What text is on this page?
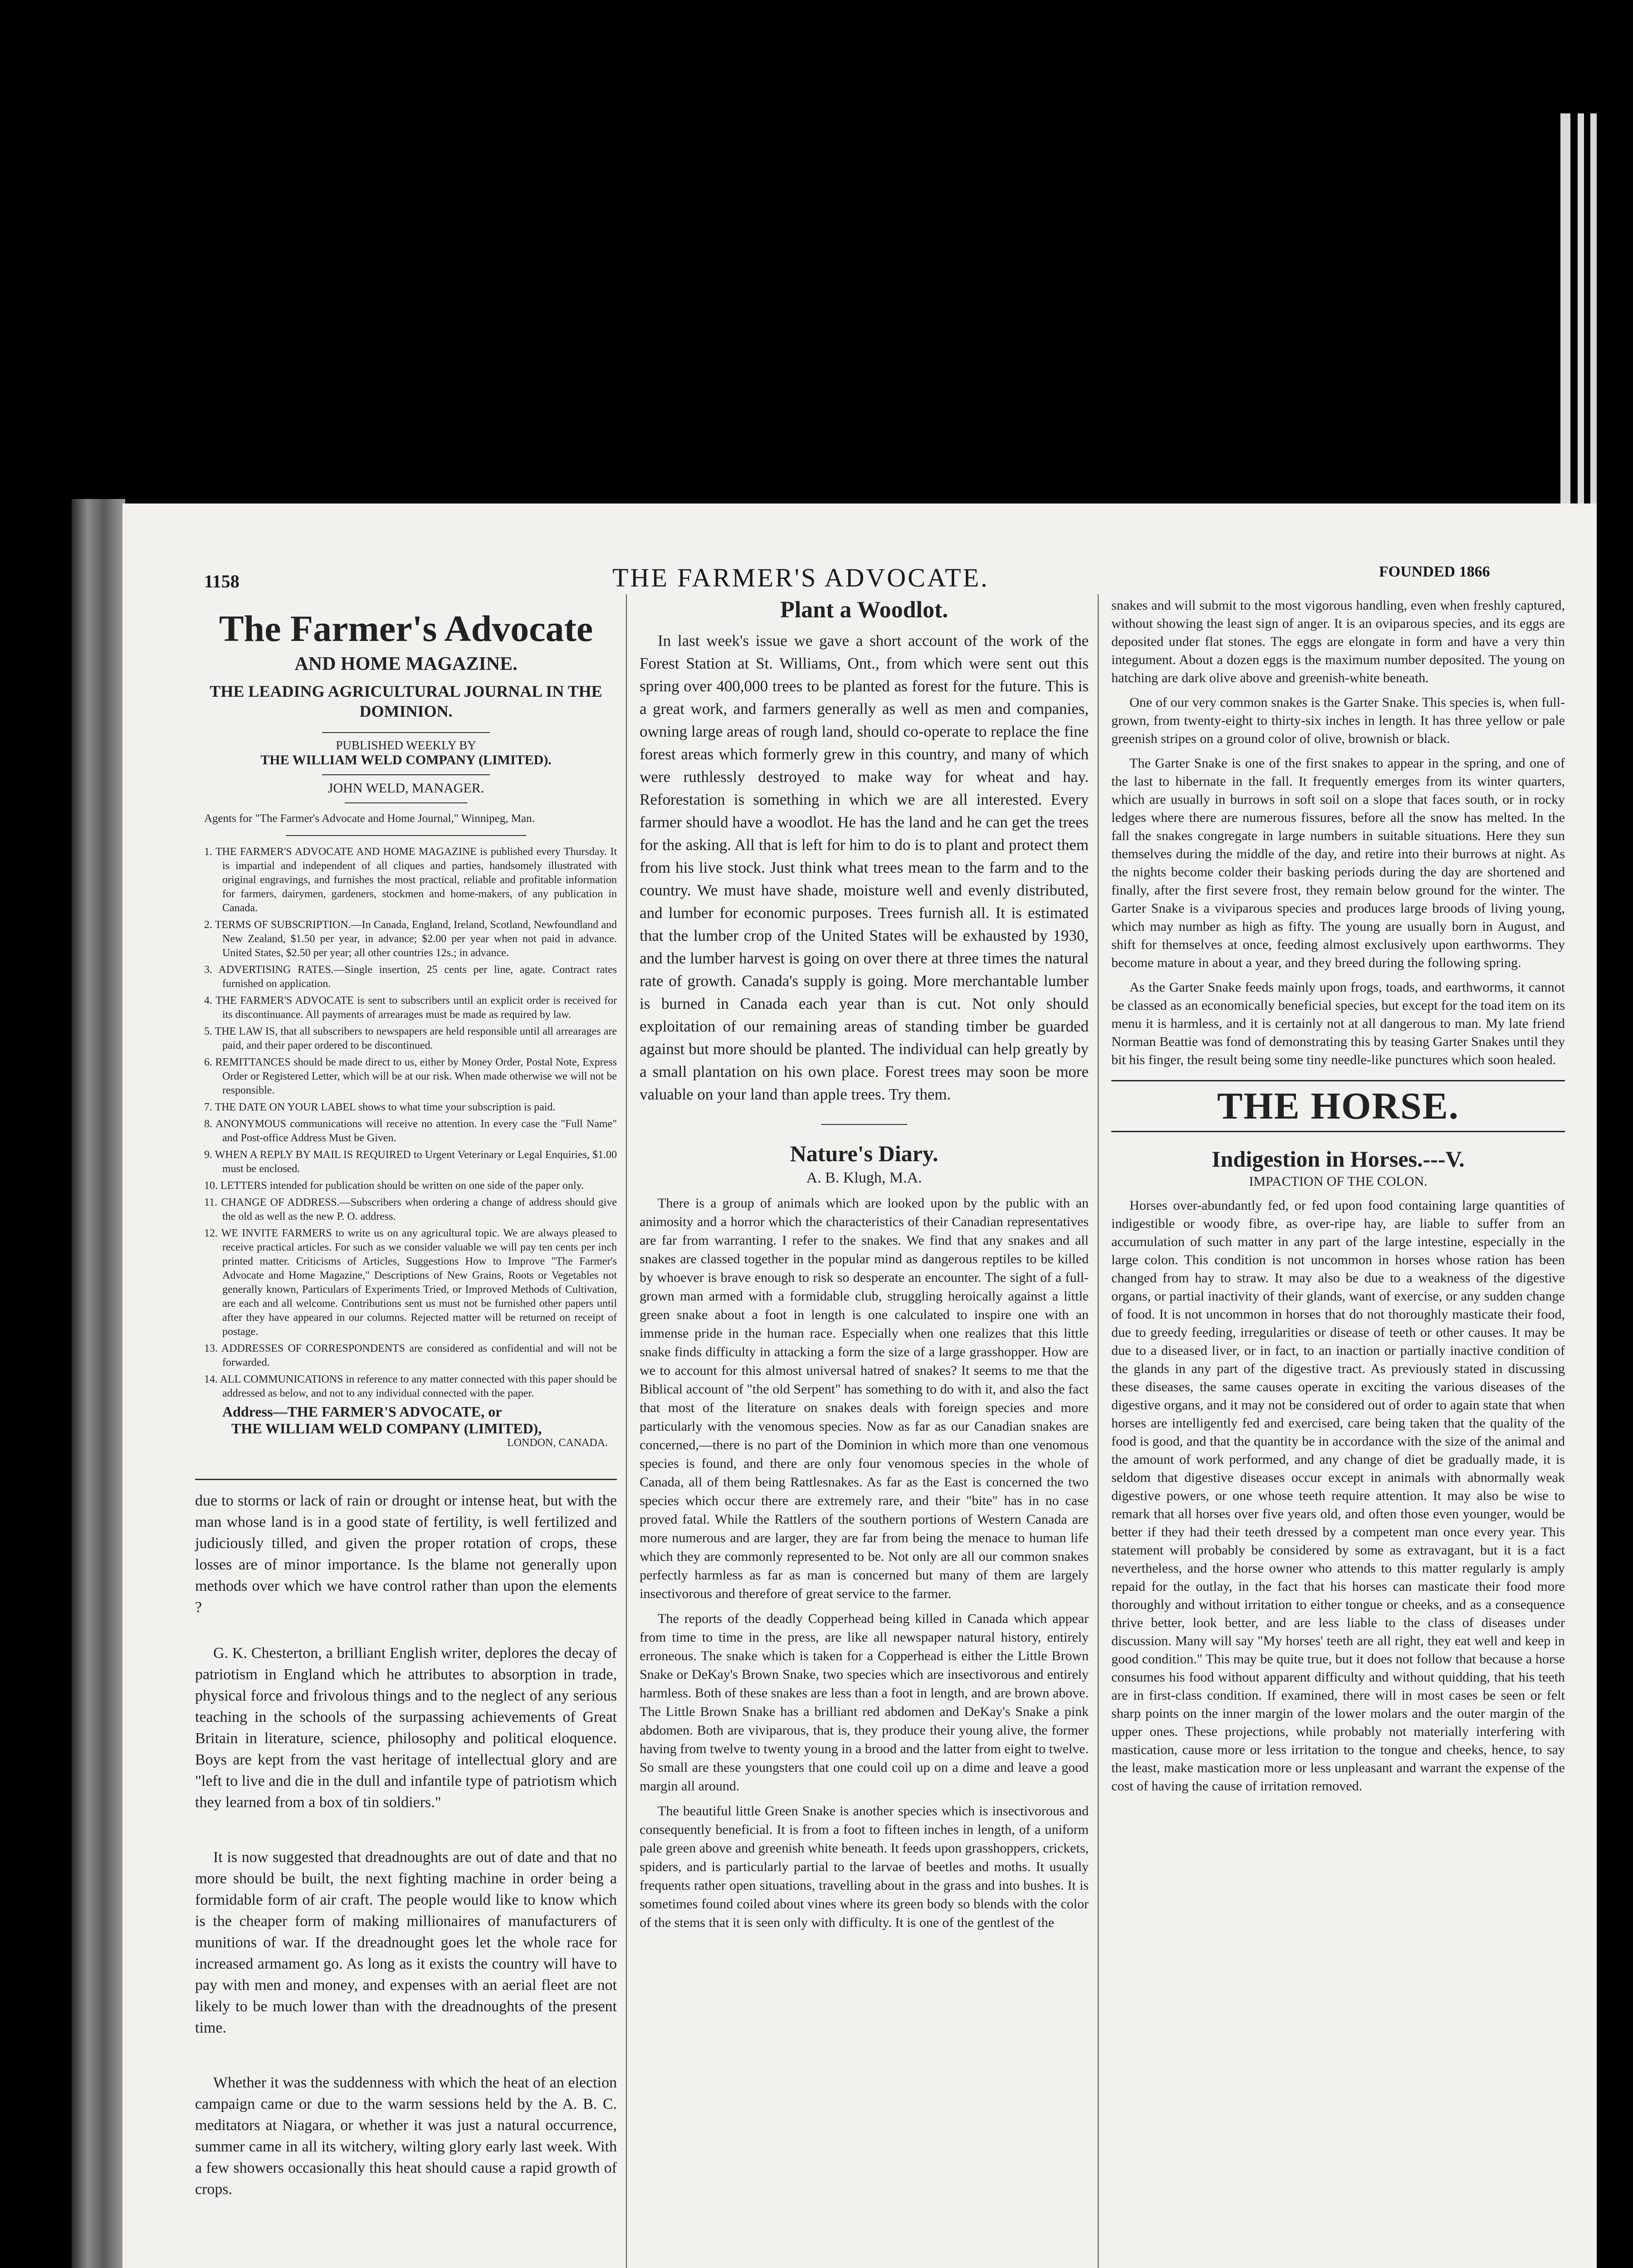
1158	THE FARMER'S ADVOCATE.	FOUNDED 1866
The Farmer's Advocate
AND HOME MAGAZINE.
THE LEADING AGRICULTURAL JOURNAL IN THE DOMINION.
PUBLISHED WEEKLY BY
THE WILLIAM WELD COMPANY (LIMITED).
JOHN WELD, MANAGER.
Agents for "The Farmer's Advocate and Home Journal," Winnipeg, Man.

1. THE FARMER'S ADVOCATE AND HOME MAGAZINE is published every Thursday. It is impartial and independent of all cliques and parties, handsomely illustrated with original engravings, and furnishes the most practical, reliable and profitable information for farmers, dairymen, gardeners, stockmen and home-makers, of any publication in Canada.

2. TERMS OF SUBSCRIPTION.—In Canada, England, Ireland, Scotland, Newfoundland and New Zealand, $1.50 per year, in advance; $2.00 per year when not paid in advance. United States, $2.50 per year; all other countries 12s.; in advance.

3. ADVERTISING RATES.—Single insertion, 25 cents per line, agate. Contract rates furnished on application.

4. THE FARMER'S ADVOCATE is sent to subscribers until an explicit order is received for its discontinuance. All payments of arrearages must be made as required by law.

5. THE LAW IS, that all subscribers to newspapers are held responsible until all arrearages are paid, and their paper ordered to be discontinued.

6. REMITTANCES should be made direct to us, either by Money Order, Postal Note, Express Order or Registered Letter, which will be at our risk. When made otherwise we will not be responsible.

7. THE DATE ON YOUR LABEL shows to what time your subscription is paid.

8. ANONYMOUS communications will receive no attention. In every case the "Full Name" and Post-office Address Must be Given.

9. WHEN A REPLY BY MAIL IS REQUIRED to Urgent Veterinary or Legal Enquiries, $1.00 must be enclosed.

10. LETTERS intended for publication should be written on one side of the paper only.

11. CHANGE OF ADDRESS.—Subscribers when ordering a change of address should give the old as well as the new P. O. address.

12. WE INVITE FARMERS to write us on any agricultural topic. We are always pleased to receive practical articles. For such as we consider valuable we will pay ten cents per inch printed matter. Criticisms of Articles, Suggestions How to Improve "The Farmer's Advocate and Home Magazine," Descriptions of New Grains, Roots or Vegetables not generally known, Particulars of Experiments Tried, or Improved Methods of Cultivation, are each and all welcome. Contributions sent us must not be furnished other papers until after they have appeared in our columns. Rejected matter will be returned on receipt of postage.

13. ADDRESSES OF CORRESPONDENTS are considered as confidential and will not be forwarded.

14. ALL COMMUNICATIONS in reference to any matter connected with this paper should be addressed as below, and not to any individual connected with the paper.

Address—THE FARMER'S ADVOCATE, or
THE WILLIAM WELD COMPANY (LIMITED),
LONDON, CANADA.

due to storms or lack of rain or drought or intense heat, but with the man whose land is in a good state of fertility, is well fertilized and judiciously tilled, and given the proper rotation of crops, these losses are of minor importance. Is the blame not generally upon methods over which we have control rather than upon the elements ?

G. K. Chesterton, a brilliant English writer, deplores the decay of patriotism in England which he attributes to absorption in trade, physical force and frivolous things and to the neglect of any serious teaching in the schools of the surpassing achievements of Great Britain in literature, science, philosophy and political eloquence. Boys are kept from the vast heritage of intellectual glory and are "left to live and die in the dull and infantile type of patriotism which they learned from a box of tin soldiers."

It is now suggested that dreadnoughts are out of date and that no more should be built, the next fighting machine in order being a formidable form of air craft. The people would like to know which is the cheaper form of making millionaires of manufacturers of munitions of war. If the dreadnought goes let the whole race for increased armament go. As long as it exists the country will have to pay with men and money, and expenses with an aerial fleet are not likely to be much lower than with the dreadnoughts of the present time.

Whether it was the suddenness with which the heat of an election campaign came or due to the warm sessions held by the A. B. C. meditators at Niagara, or whether it was just a natural occurrence, summer came in all its witchery, wilting glory early last week. With a few showers occasionally this heat should cause a rapid growth of crops.

Plant a Woodlot.

In last week's issue we gave a short account of the work of the Forest Station at St. Williams, Ont., from which were sent out this spring over 400,000 trees to be planted as forest for the future. This is a great work, and farmers generally as well as men and companies, owning large areas of rough land, should co-operate to replace the fine forest areas which formerly grew in this country, and many of which were ruthlessly destroyed to make way for wheat and hay. Reforestation is something in which we are all interested. Every farmer should have a woodlot. He has the land and he can get the trees for the asking. All that is left for him to do is to plant and protect them from his live stock. Just think what trees mean to the farm and to the country. We must have shade, moisture well and evenly distributed, and lumber for economic purposes. Trees furnish all. It is estimated that the lumber crop of the United States will be exhausted by 1930, and the lumber harvest is going on over there at three times the natural rate of growth. Canada's supply is going. More merchantable lumber is burned in Canada each year than is cut. Not only should exploitation of our remaining areas of standing timber be guarded against but more should be planted. The individual can help greatly by a small plantation on his own place. Forest trees may soon be more valuable on your land than apple trees. Try them.

Nature's Diary.
A. B. Klugh, M.A.

There is a group of animals which are looked upon by the public with an animosity and a horror which the characteristics of their Canadian representatives are far from warranting. I refer to the snakes. We find that any snakes and all snakes are classed together in the popular mind as dangerous reptiles to be killed by whoever is brave enough to risk so desperate an encounter. The sight of a full-grown man armed with a formidable club, struggling heroically against a little green snake about a foot in length is one calculated to inspire one with an immense pride in the human race. Especially when one realizes that this little snake finds difficulty in attacking a form the size of a large grasshopper. How are we to account for this almost universal hatred of snakes? It seems to me that the Biblical account of "the old Serpent" has something to do with it, and also the fact that most of the literature on snakes deals with foreign species and more particularly with the venomous species. Now as far as our Canadian snakes are concerned,—there is no part of the Dominion in which more than one venomous species is found, and there are only four venomous species in the whole of Canada, all of them being Rattlesnakes. As far as the East is concerned the two species which occur there are extremely rare, and their "bite" has in no case proved fatal. While the Rattlers of the southern portions of Western Canada are more numerous and are larger, they are far from being the menace to human life which they are commonly represented to be. Not only are all our common snakes perfectly harmless as far as man is concerned but many of them are largely insectivorous and therefore of great service to the farmer.

The reports of the deadly Copperhead being killed in Canada which appear from time to time in the press, are like all newspaper natural history, entirely erroneous. The snake which is taken for a Copperhead is either the Little Brown Snake or DeKay's Brown Snake, two species which are insectivorous and entirely harmless. Both of these snakes are less than a foot in length, and are brown above. The Little Brown Snake has a brilliant red abdomen and DeKay's Snake a pink abdomen. Both are viviparous, that is, they produce their young alive, the former having from twelve to twenty young in a brood and the latter from eight to twelve. So small are these youngsters that one could coil up on a dime and leave a good margin all around.

The beautiful little Green Snake is another species which is insectivorous and consequently beneficial. It is from a foot to fifteen inches in length, of a uniform pale green above and greenish white beneath. It feeds upon grasshoppers, crickets, spiders, and is particularly partial to the larvae of beetles and moths. It usually frequents rather open situations, travelling about in the grass and into bushes. It is sometimes found coiled about vines where its green body so blends with the color of the stems that it is seen only with difficulty. It is one of the gentlest of the

snakes and will submit to the most vigorous handling, even when freshly captured, without showing the least sign of anger. It is an oviparous species, and its eggs are deposited under flat stones. The eggs are elongate in form and have a very thin integument. About a dozen eggs is the maximum number deposited. The young on hatching are dark olive above and greenish-white beneath.

One of our very common snakes is the Garter Snake. This species is, when full-grown, from twenty-eight to thirty-six inches in length. It has three yellow or pale greenish stripes on a ground color of olive, brownish or black.

The Garter Snake is one of the first snakes to appear in the spring, and one of the last to hibernate in the fall. It frequently emerges from its winter quarters, which are usually in burrows in soft soil on a slope that faces south, or in rocky ledges where there are numerous fissures, before all the snow has melted. In the fall the snakes congregate in large numbers in suitable situations. Here they sun themselves during the middle of the day, and retire into their burrows at night. As the nights become colder their basking periods during the day are shortened and finally, after the first severe frost, they remain below ground for the winter. The Garter Snake is a viviparous species and produces large broods of living young, which may number as high as fifty. The young are usually born in August, and shift for themselves at once, feeding almost exclusively upon earthworms. They become mature in about a year, and they breed during the following spring.

As the Garter Snake feeds mainly upon frogs, toads, and earthworms, it cannot be classed as an economically beneficial species, but except for the toad item on its menu it is harmless, and it is certainly not at all dangerous to man. My late friend Norman Beattie was fond of demonstrating this by teasing Garter Snakes until they bit his finger, the result being some tiny needle-like punctures which soon healed.

THE HORSE.
Indigestion in Horses.---V.
IMPACTION OF THE COLON.

Horses over-abundantly fed, or fed upon food containing large quantities of indigestible or woody fibre, as over-ripe hay, are liable to suffer from an accumulation of such matter in any part of the large intestine, especially in the large colon. This condition is not uncommon in horses whose ration has been changed from hay to straw. It may also be due to a weakness of the digestive organs, or partial inactivity of their glands, want of exercise, or any sudden change of food. It is not uncommon in horses that do not thoroughly masticate their food, due to greedy feeding, irregularities or disease of teeth or other causes. It may be due to a diseased liver, or in fact, to an inaction or partially inactive condition of the glands in any part of the digestive tract. As previously stated in discussing these diseases, the same causes operate in exciting the various diseases of the digestive organs, and it may not be considered out of order to again state that when horses are intelligently fed and exercised, care being taken that the quality of the food is good, and that the quantity be in accordance with the size of the animal and the amount of work performed, and any change of diet be gradually made, it is seldom that digestive diseases occur except in animals with abnormally weak digestive powers, or one whose teeth require attention. It may also be wise to remark that all horses over five years old, and often those even younger, would be better if they had their teeth dressed by a competent man once every year. This statement will probably be considered by some as extravagant, but it is a fact nevertheless, and the horse owner who attends to this matter regularly is amply repaid for the outlay, in the fact that his horses can masticate their food more thoroughly and without irritation to either tongue or cheeks, and as a consequence thrive better, look better, and are less liable to the class of diseases under discussion. Many will say "My horses' teeth are all right, they eat well and keep in good condition." This may be quite true, but it does not follow that because a horse consumes his food without apparent difficulty and without quidding, that his teeth are in first-class condition. If examined, there will in most cases be seen or felt sharp points on the inner margin of the lower molars and the outer margin of the upper ones. These projections, while probably not materially interfering with mastication, cause more or less irritation to the tongue and cheeks, hence, to say the least, make mastication more or less unpleasant and warrant the expense of the cost of having the cause of irritation removed.
